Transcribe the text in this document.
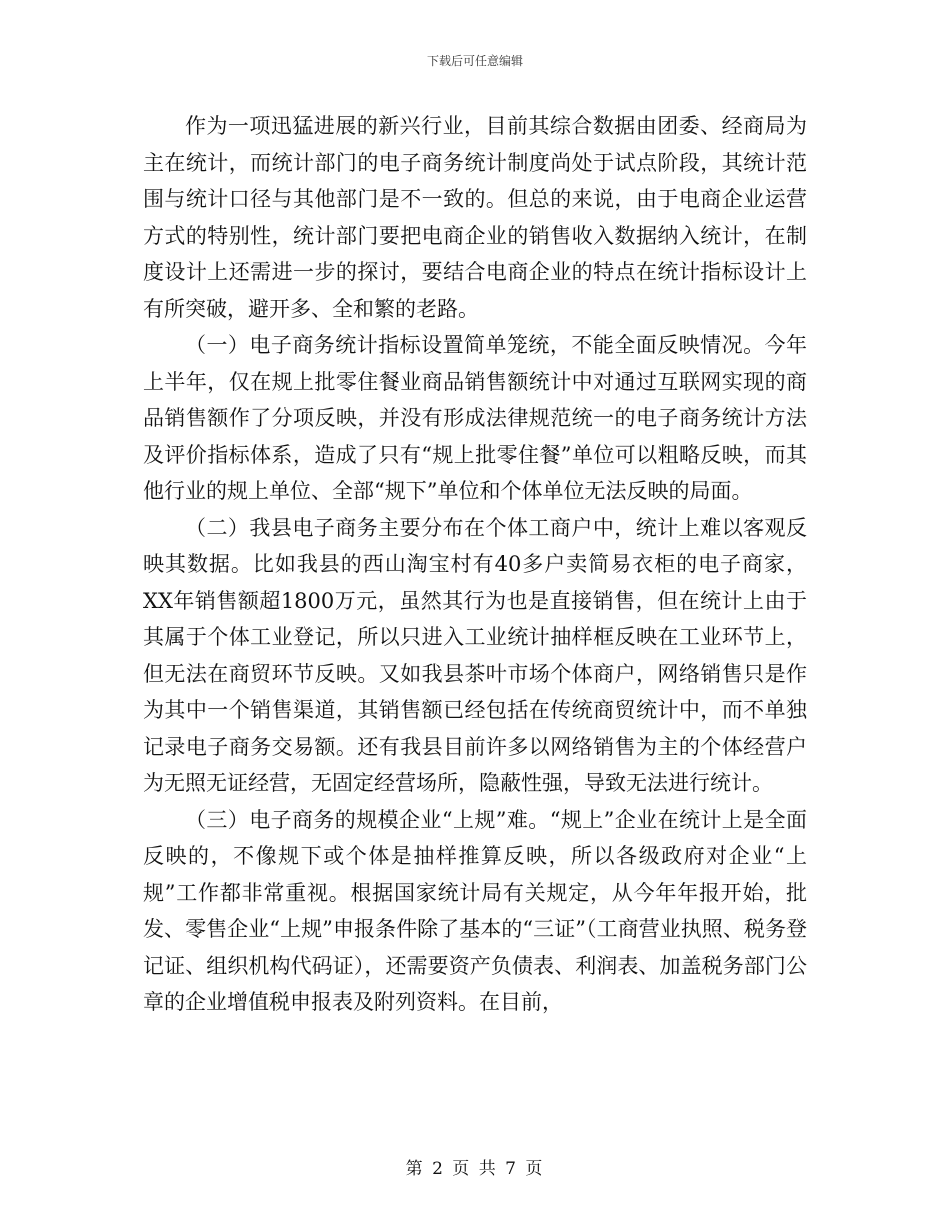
下载后可任意编辑

作为一项迅猛进展的新兴行业，目前其综合数据由团委、经商局为主在统计，而统计部门的电子商务统计制度尚处于试点阶段，其统计范围与统计口径与其他部门是不一致的。但总的来说，由于电商企业运营方式的特别性，统计部门要把电商企业的销售收入数据纳入统计，在制度设计上还需进一步的探讨，要结合电商企业的特点在统计指标设计上有所突破，避开多、全和繁的老路。

（一）电子商务统计指标设置简单笼统，不能全面反映情况。今年上半年，仅在规上批零住餐业商品销售额统计中对通过互联网实现的商品销售额作了分项反映，并没有形成法律规范统一的电子商务统计方法及评价指标体系，造成了只有“规上批零住餐”单位可以粗略反映，而其他行业的规上单位、全部“规下”单位和个体单位无法反映的局面。

（二）我县电子商务主要分布在个体工商户中，统计上难以客观反映其数据。比如我县的西山淘宝村有40多户卖简易衣柜的电子商家，XX年销售额超1800万元，虽然其行为也是直接销售，但在统计上由于其属于个体工业登记，所以只进入工业统计抽样框反映在工业环节上，但无法在商贸环节反映。又如我县茶叶市场个体商户，网络销售只是作为其中一个销售渠道，其销售额已经包括在传统商贸统计中，而不单独记录电子商务交易额。还有我县目前许多以网络销售为主的个体经营户为无照无证经营，无固定经营场所，隐蔽性强，导致无法进行统计。

（三）电子商务的规模企业“上规”难。“规上”企业在统计上是全面反映的，不像规下或个体是抽样推算反映，所以各级政府对企业“上规”工作都非常重视。根据国家统计局有关规定，从今年年报开始，批发、零售企业“上规”申报条件除了基本的“三证”（工商营业执照、税务登记证、组织机构代码证），还需要资产负债表、利润表、加盖税务部门公章的企业增值税申报表及附列资料。在目前，

第 2 页 共 7 页
